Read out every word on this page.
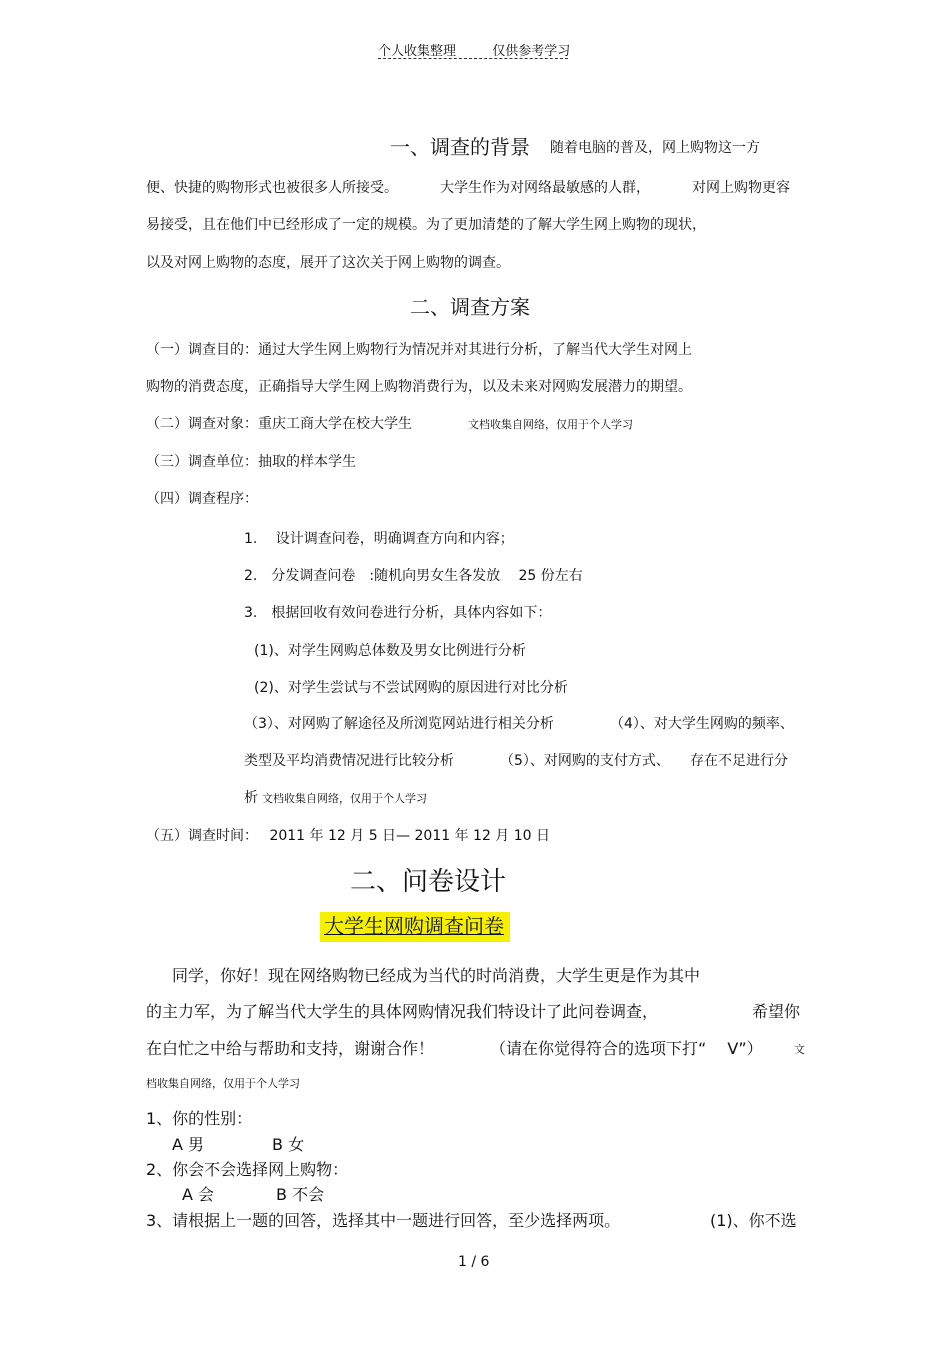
个人收集整理	仅供参考学习
一、调查的背景 随着电脑的普及，网上购物这一方
便、快捷的购物形式也被很多人所接受。	大学生作为对网络最敏感的人群，	对网上购物更容
易接受，且在他们中已经形成了一定的规模。为了更加清楚的了解大学生网上购物的现状，
以及对网上购物的态度，展开了这次关于网上购物的调查。
二、调查方案
（一）调查目的：通过大学生网上购物行为情况并对其进行分析，了解当代大学生对网上
购物的消费态度，正确指导大学生网上购物消费行为，以及未来对网购发展潜力的期望。
（二）调查对象：重庆工商大学在校大学生	文档收集自网络，仅用于个人学习
（三）调查单位：抽取的样本学生
（四）调查程序：
1.　 设计调查问卷，明确调查方向和内容；
2.　分发调查问卷　:随机向男女生各发放　 25 份左右
3.　根据回收有效问卷进行分析，具体内容如下：
(1)、对学生网购总体数及男女比例进行分析
(2)、对学生尝试与不尝试网购的原因进行对比分析
（3）、对网购了解途径及所浏览网站进行相关分析	（4）、对大学生网购的频率、
类型及平均消费情况进行比较分析	（5）、对网购的支付方式、 存在不足进行分
析 文档收集自网络，仅用于个人学习
（五）调查时间：　 2011 年 12 月 5 日— 2011 年 12 月 10 日
二、问卷设计
大学生网购调查问卷
同学，你好！现在网络购物已经成为当代的时尚消费，大学生更是作为其中
的主力军，为了解当代大学生的具体网购情况我们特设计了此问卷调查，	希望你
在白忙之中给与帮助和支持，谢谢合作！	（请在你觉得符合的选项下打“　 V”）	文
档收集自网络，仅用于个人学习
1、你的性别：
A 男	B 女
2、你会不会选择网上购物：
A 会	B 不会
3、请根据上一题的回答，选择其中一题进行回答，至少选择两项。	(1)、你不选
1 / 6
